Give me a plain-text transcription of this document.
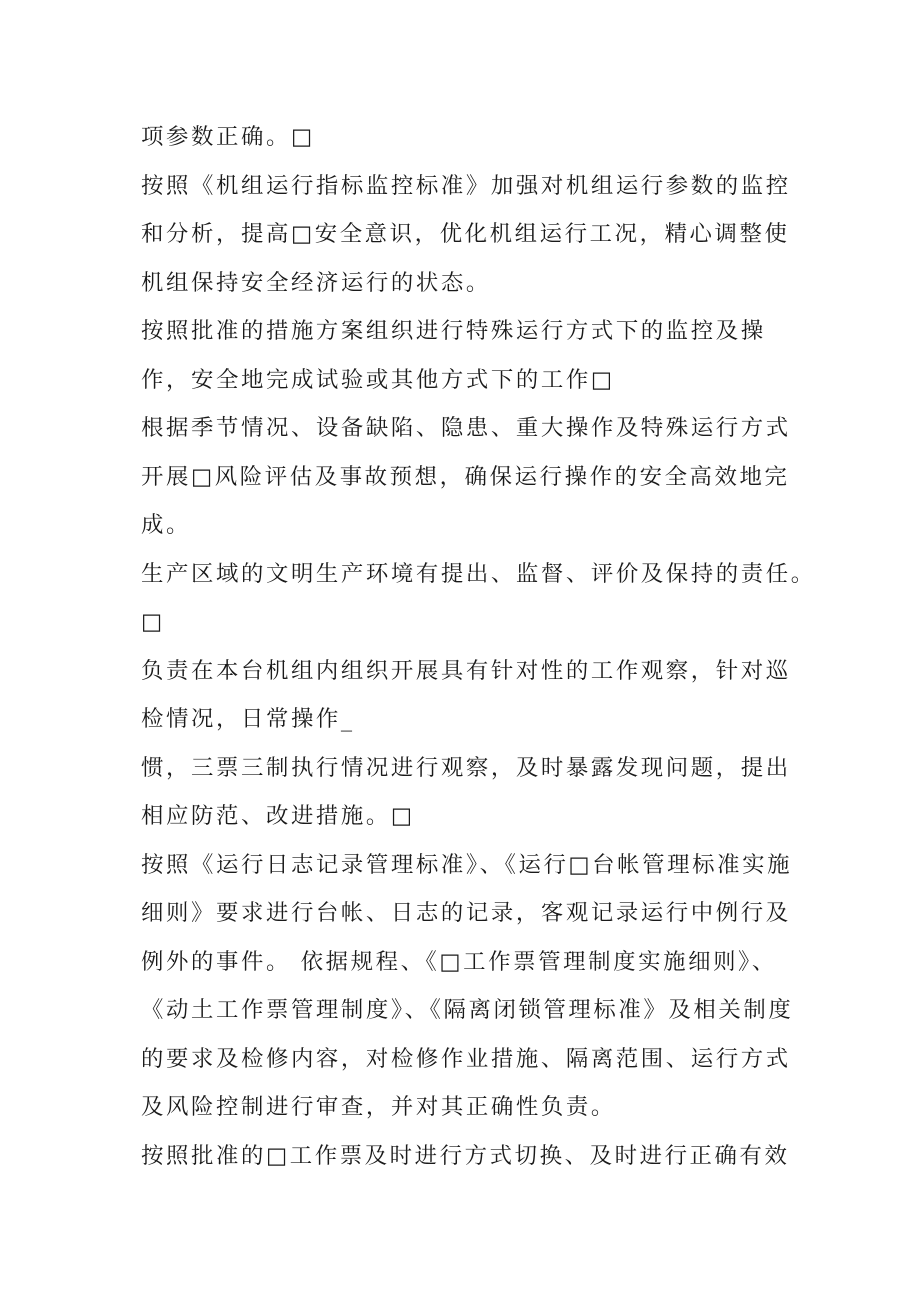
项参数正确。□
按照《机组运行指标监控标准》加强对机组运行参数的监控
和分析，提高□安全意识，优化机组运行工况，精心调整使
机组保持安全经济运行的状态。
按照批准的措施方案组织进行特殊运行方式下的监控及操
作，安全地完成试验或其他方式下的工作□
根据季节情况、设备缺陷、隐患、重大操作及特殊运行方式
开展□风险评估及事故预想，确保运行操作的安全高效地完
成。
生产区域的文明生产环境有提出、监督、评价及保持的责任。
□
负责在本台机组内组织开展具有针对性的工作观察，针对巡
检情况，日常操作_
惯，三票三制执行情况进行观察，及时暴露发现问题，提出
相应防范、改进措施。□
按照《运行日志记录管理标准》、《运行□台帐管理标准实施
细则》要求进行台帐、日志的记录，客观记录运行中例行及
例外的事件。 依据规程、《□工作票管理制度实施细则》、
《动土工作票管理制度》、《隔离闭锁管理标准》及相关制度
的要求及检修内容，对检修作业措施、隔离范围、运行方式
及风险控制进行审查，并对其正确性负责。
按照批准的□工作票及时进行方式切换、及时进行正确有效
